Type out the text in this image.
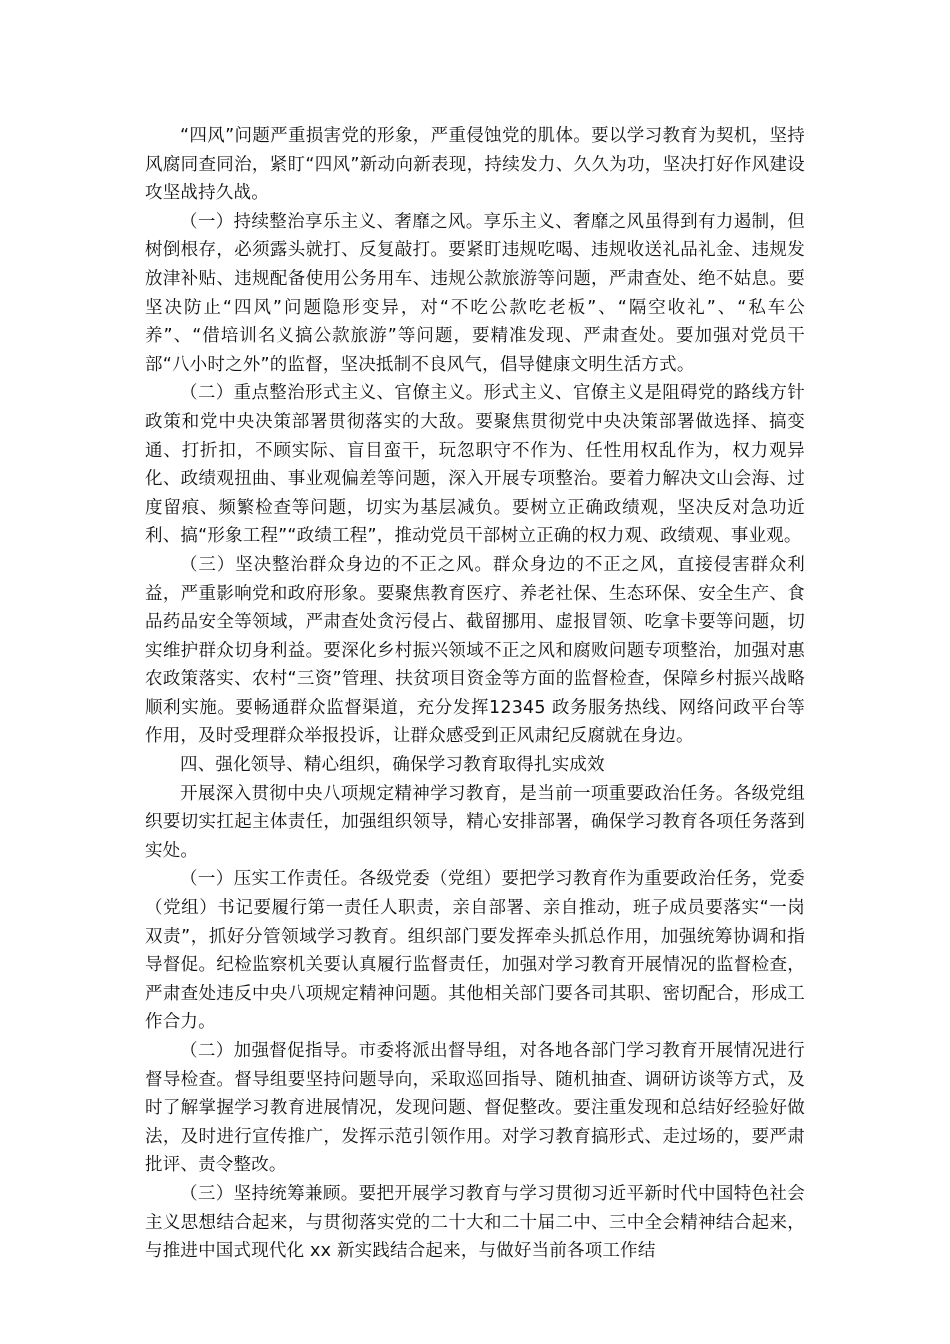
“四风”问题严重损害党的形象，严重侵蚀党的肌体。要以学习教育为契机，坚持风腐同查同治，紧盯“四风”新动向新表现，持续发力、久久为功，坚决打好作风建设攻坚战持久战。

（一）持续整治享乐主义、奢靡之风。享乐主义、奢靡之风虽得到有力遏制，但树倒根存，必须露头就打、反复敲打。要紧盯违规吃喝、违规收送礼品礼金、违规发放津补贴、违规配备使用公务用车、违规公款旅游等问题，严肃查处、绝不姑息。要坚决防止“四风”问题隐形变异，对“不吃公款吃老板”、“隔空收礼”、“私车公养”、“借培训名义搞公款旅游”等问题，要精准发现、严肃查处。要加强对党员干部“八小时之外”的监督，坚决抵制不良风气，倡导健康文明生活方式。

（二）重点整治形式主义、官僚主义。形式主义、官僚主义是阻碍党的路线方针政策和党中央决策部署贯彻落实的大敌。要聚焦贯彻党中央决策部署做选择、搞变通、打折扣，不顾实际、盲目蛮干，玩忽职守不作为、任性用权乱作为，权力观异化、政绩观扭曲、事业观偏差等问题，深入开展专项整治。要着力解决文山会海、过度留痕、频繁检查等问题，切实为基层减负。要树立正确政绩观，坚决反对急功近利、搞“形象工程”“政绩工程”，推动党员干部树立正确的权力观、政绩观、事业观。

（三）坚决整治群众身边的不正之风。群众身边的不正之风，直接侵害群众利益，严重影响党和政府形象。要聚焦教育医疗、养老社保、生态环保、安全生产、食品药品安全等领域，严肃查处贪污侵占、截留挪用、虚报冒领、吃拿卡要等问题，切实维护群众切身利益。要深化乡村振兴领域不正之风和腐败问题专项整治，加强对惠农政策落实、农村“三资”管理、扶贫项目资金等方面的监督检查，保障乡村振兴战略顺利实施。要畅通群众监督渠道，充分发挥12345 政务服务热线、网络问政平台等作用，及时受理群众举报投诉，让群众感受到正风肃纪反腐就在身边。

四、强化领导、精心组织，确保学习教育取得扎实成效

开展深入贯彻中央八项规定精神学习教育，是当前一项重要政治任务。各级党组织要切实扛起主体责任，加强组织领导，精心安排部署，确保学习教育各项任务落到实处。

（一）压实工作责任。各级党委（党组）要把学习教育作为重要政治任务，党委（党组）书记要履行第一责任人职责，亲自部署、亲自推动，班子成员要落实“一岗双责”，抓好分管领域学习教育。组织部门要发挥牵头抓总作用，加强统筹协调和指导督促。纪检监察机关要认真履行监督责任，加强对学习教育开展情况的监督检查，严肃查处违反中央八项规定精神问题。其他相关部门要各司其职、密切配合，形成工作合力。

（二）加强督促指导。市委将派出督导组，对各地各部门学习教育开展情况进行督导检查。督导组要坚持问题导向，采取巡回指导、随机抽查、调研访谈等方式，及时了解掌握学习教育进展情况，发现问题、督促整改。要注重发现和总结好经验好做法，及时进行宣传推广，发挥示范引领作用。对学习教育搞形式、走过场的，要严肃批评、责令整改。

（三）坚持统筹兼顾。要把开展学习教育与学习贯彻习近平新时代中国特色社会主义思想结合起来，与贯彻落实党的二十大和二十届二中、三中全会精神结合起来，与推进中国式现代化 xx 新实践结合起来，与做好当前各项工作结
